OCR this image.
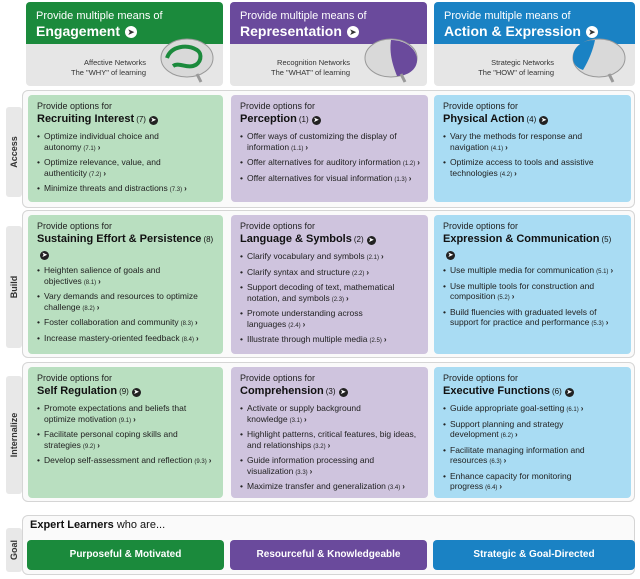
Provide multiple means of
Engagement ➤
Affective Networks
The "WHY" of learning
Provide multiple means of
Representation ➤
Recognition Networks
The "WHAT" of learning
Provide multiple means of
Action & Expression ➤
Strategic Networks
The "HOW" of learning
Access
Build
Internalize
Goal
Provide options for
Recruiting Interest (7) ➤
• Optimize individual choice and autonomy (7.1) ›
• Optimize relevance, value, and authenticity (7.2) ›
• Minimize threats and distractions (7.3) ›
Provide options for
Perception (1) ➤
• Offer ways of customizing the display of information (1.1) ›
• Offer alternatives for auditory information (1.2) ›
• Offer alternatives for visual information (1.3) ›
Provide options for
Physical Action (4) ➤
• Vary the methods for response and navigation (4.1) ›
• Optimize access to tools and assistive technologies (4.2) ›
Provide options for
Sustaining Effort & Persistence (8)➤
• Heighten salience of goals and objectives (8.1) ›
• Vary demands and resources to optimize challenge (8.2) ›
• Foster collaboration and community (8.3) ›
• Increase mastery-oriented feedback (8.4) ›
Provide options for
Language & Symbols (2) ➤
• Clarify vocabulary and symbols (2.1) ›
• Clarify syntax and structure (2.2) ›
• Support decoding of text, mathematical notation, and symbols (2.3) ›
• Promote understanding across languages (2.4) ›
• Illustrate through multiple media (2.5) ›
Provide options for
Expression & Communication (5)➤
• Use multiple media for communication (5.1) ›
• Use multiple tools for construction and composition (5.2) ›
• Build fluencies with graduated levels of support for practice and performance (5.3) ›
Provide options for
Self Regulation (9) ➤
• Promote expectations and beliefs that optimize motivation (9.1) ›
• Facilitate personal coping skills and strategies (9.2) ›
• Develop self-assessment and reflection (9.3) ›
Provide options for
Comprehension (3) ➤
• Activate or supply background knowledge (3.1) ›
• Highlight patterns, critical features, big ideas, and relationships (3.2) ›
• Guide information processing and visualization (3.3) ›
• Maximize transfer and generalization (3.4) ›
Provide options for
Executive Functions (6) ➤
• Guide appropriate goal-setting (6.1) ›
• Support planning and strategy development (6.2) ›
• Facilitate managing information and resources (6.3) ›
• Enhance capacity for monitoring progress (6.4) ›
Expert Learners who are...
Purposeful & Motivated	Resourceful & Knowledgeable	Strategic & Goal-Directed
